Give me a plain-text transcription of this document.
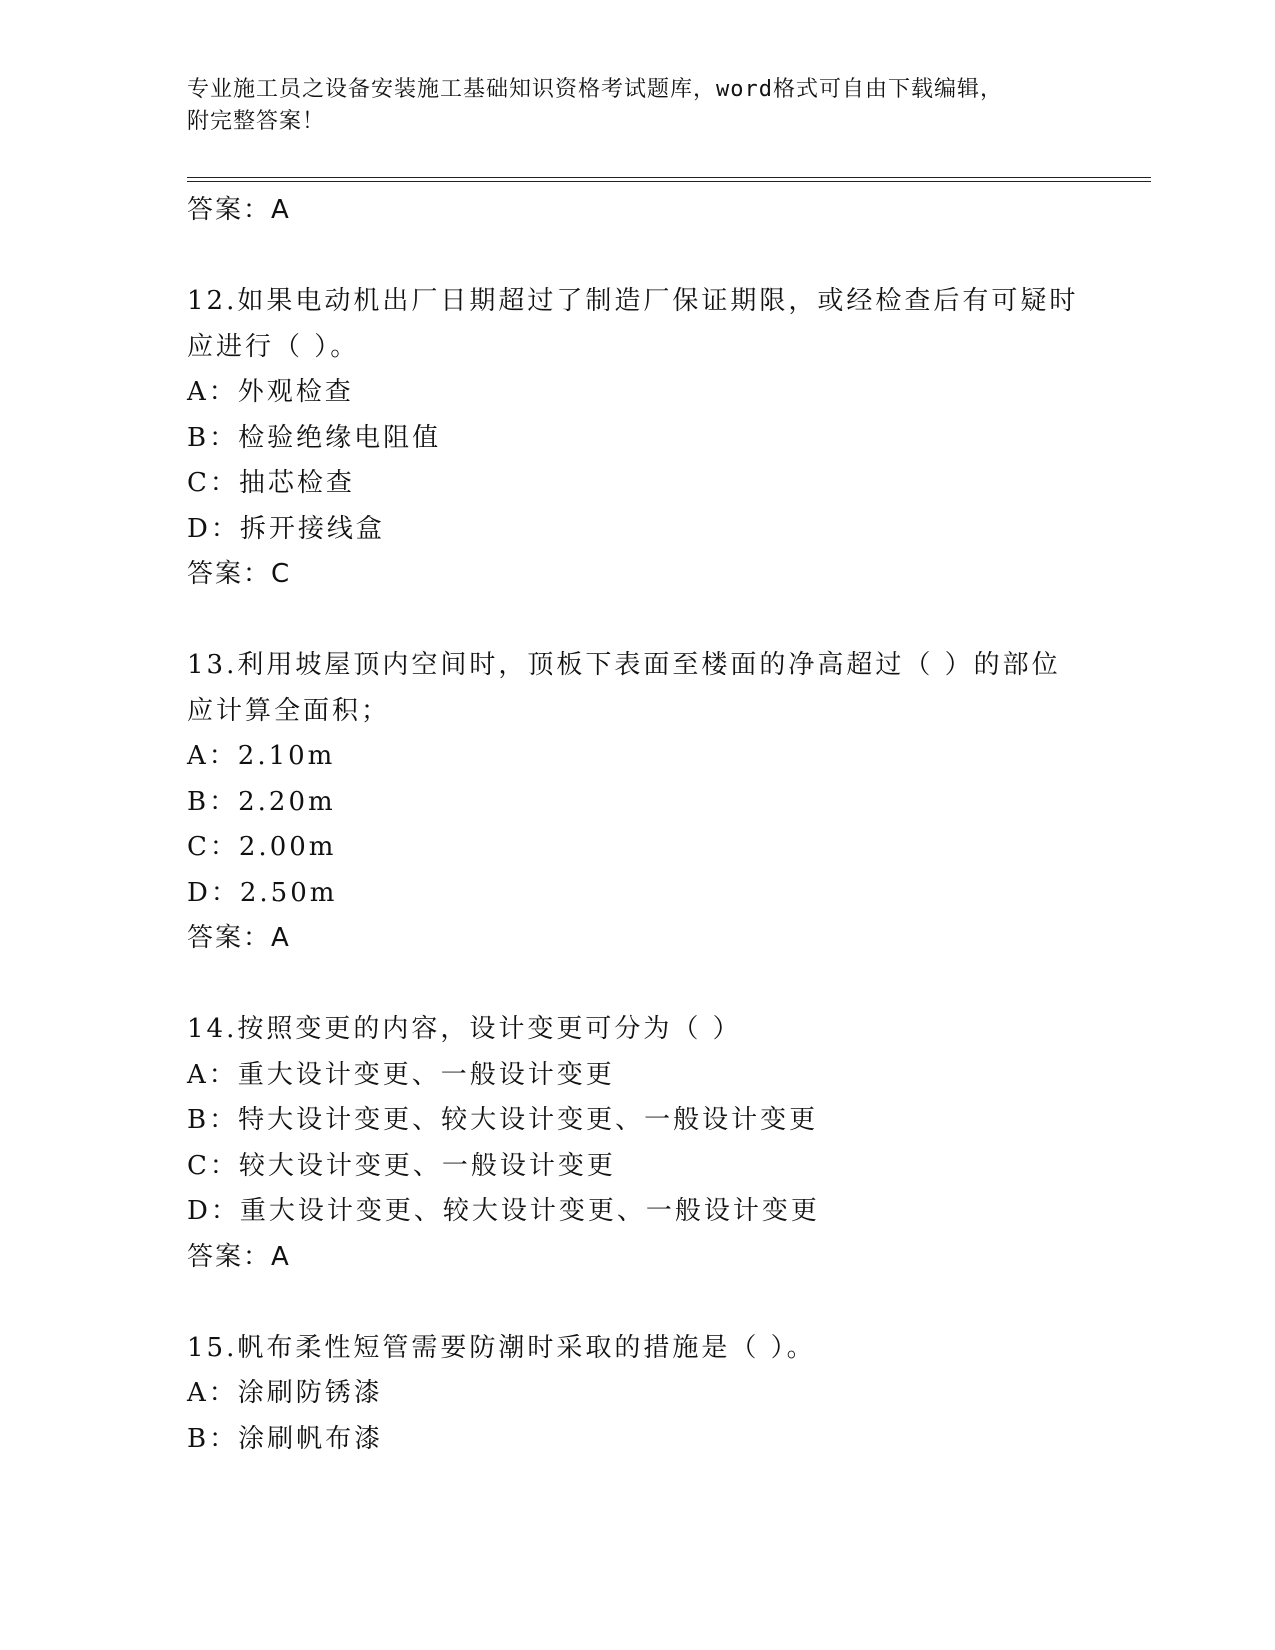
专业施工员之设备安装施工基础知识资格考试题库，word格式可自由下载编辑，
附完整答案！
答案：A
12.如果电动机出厂日期超过了制造厂保证期限，或经检查后有可疑时
应进行（ ）。
A：外观检查
B：检验绝缘电阻值
C：抽芯检查
D：拆开接线盒
答案：C
13.利用坡屋顶内空间时，顶板下表面至楼面的净高超过（ ）的部位
应计算全面积；
A：2.10m
B：2.20m
C：2.00m
D：2.50m
答案：A
14.按照变更的内容，设计变更可分为（ ）
A：重大设计变更、一般设计变更
B：特大设计变更、较大设计变更、一般设计变更
C：较大设计变更、一般设计变更
D：重大设计变更、较大设计变更、一般设计变更
答案：A
15.帆布柔性短管需要防潮时采取的措施是（ ）。
A：涂刷防锈漆
B：涂刷帆布漆
